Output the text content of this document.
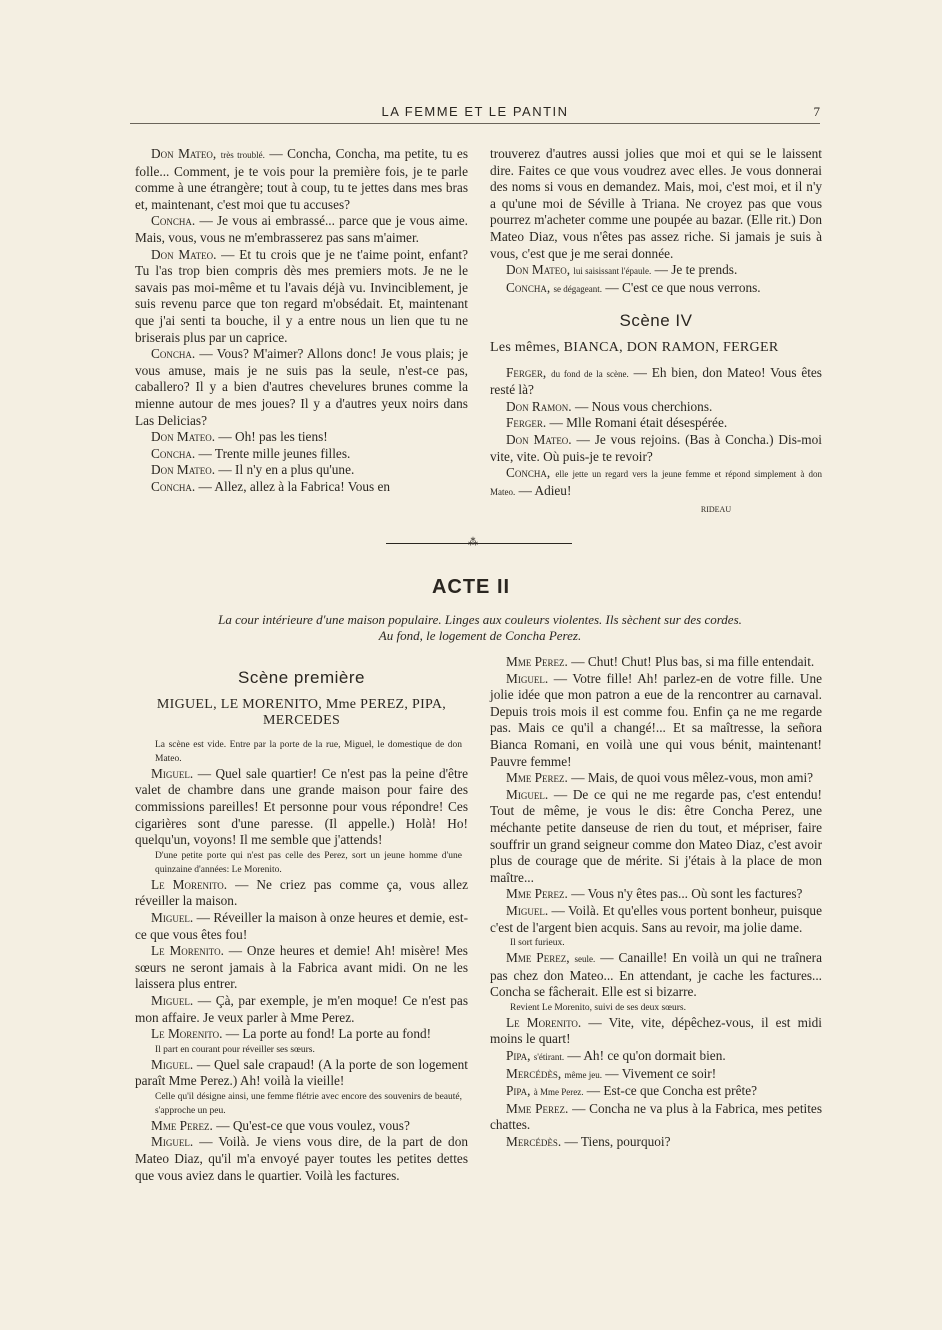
LA FEMME ET LE PANTIN	7

Don Mateo, très troublé. — Concha, Concha, ma petite, tu es folle... Comment, je te vois pour la première fois, je te parle comme à une étrangère; tout à coup, tu te jettes dans mes bras et, maintenant, c'est moi que tu accuses?

Concha. — Je vous ai embrassé... parce que je vous aime. Mais, vous, vous ne m'embrasserez pas sans m'aimer.

Don Mateo. — Et tu crois que je ne t'aime point, enfant? Tu l'as trop bien compris dès mes premiers mots. Je ne le savais pas moi-même et tu l'avais déjà vu. Invinciblement, je suis revenu parce que ton regard m'obsédait. Et, maintenant que j'ai senti ta bouche, il y a entre nous un lien que tu ne briserais plus par un caprice.

Concha. — Vous? M'aimer? Allons donc! Je vous plais; je vous amuse, mais je ne suis pas la seule, n'est-ce pas, caballero? Il y a bien d'autres chevelures brunes comme la mienne autour de mes joues? Il y a d'autres yeux noirs dans Las Delicias?

Don Mateo. — Oh! pas les tiens!

Concha. — Trente mille jeunes filles.

Don Mateo. — Il n'y en a plus qu'une.

Concha. — Allez, allez à la Fabrica! Vous en

trouverez d'autres aussi jolies que moi et qui se le laissent dire. Faites ce que vous voudrez avec elles. Je vous donnerai des noms si vous en demandez. Mais, moi, c'est moi, et il n'y a qu'une moi de Séville à Triana. Ne croyez pas que vous pourrez m'acheter comme une poupée au bazar. (Elle rit.) Don Mateo Diaz, vous n'êtes pas assez riche. Si jamais je suis à vous, c'est que je me serai donnée.

Don Mateo, lui saisissant l'épaule. — Je te prends.

Concha, se dégageant. — C'est ce que nous verrons.

Scène IV

Les mêmes, BIANCA, DON RAMON, FERGER

Ferger, du fond de la scène. — Eh bien, don Mateo! Vous êtes resté là?

Don Ramon. — Nous vous cherchions.

Ferger. — Mlle Romani était désespérée.

Don Mateo. — Je vous rejoins. (Bas à Concha.) Dis-moi vite, vite. Où puis-je te revoir?

Concha, elle jette un regard vers la jeune femme et répond simplement à don Mateo. — Adieu!

RIDEAU

⁂
ACTE II
La cour intérieure d'une maison populaire. Linges aux couleurs violentes. Ils sèchent sur des cordes.
Au fond, le logement de Concha Perez.

Scène première

MIGUEL, LE MORENITO, Mme PEREZ, PIPA, MERCEDES

La scène est vide. Entre par la porte de la rue, Miguel, le domestique de don Mateo.

Miguel. — Quel sale quartier! Ce n'est pas la peine d'être valet de chambre dans une grande maison pour faire des commissions pareilles! Et personne pour vous répondre! Ces cigarières sont d'une paresse. (Il appelle.) Holà! Ho! quelqu'un, voyons! Il me semble que j'attends!

D'une petite porte qui n'est pas celle des Perez, sort un jeune homme d'une quinzaine d'années: Le Morenito.

Le Morenito. — Ne criez pas comme ça, vous allez réveiller la maison.

Miguel. — Réveiller la maison à onze heures et demie, est-ce que vous êtes fou!

Le Morenito. — Onze heures et demie! Ah! misère! Mes sœurs ne seront jamais à la Fabrica avant midi. On ne les laissera plus entrer.

Miguel. — Çà, par exemple, je m'en moque! Ce n'est pas mon affaire. Je veux parler à Mme Perez.

Le Morenito. — La porte au fond! La porte au fond!

Il part en courant pour réveiller ses sœurs.

Miguel. — Quel sale crapaud! (A la porte de son logement paraît Mme Perez.) Ah! voilà la vieille!

Celle qu'il désigne ainsi, une femme flétrie avec encore des souvenirs de beauté, s'approche un peu.

Mme Perez. — Qu'est-ce que vous voulez, vous?

Miguel. — Voilà. Je viens vous dire, de la part de don Mateo Diaz, qu'il m'a envoyé payer toutes les petites dettes que vous aviez dans le quartier. Voilà les factures.

Mme Perez. — Chut! Chut! Plus bas, si ma fille entendait.

Miguel. — Votre fille! Ah! parlez-en de votre fille. Une jolie idée que mon patron a eue de la rencontrer au carnaval. Depuis trois mois il est comme fou. Enfin ça ne me regarde pas. Mais ce qu'il a changé!... Et sa maîtresse, la señora Bianca Romani, en voilà une qui vous bénit, maintenant! Pauvre femme!

Mme Perez. — Mais, de quoi vous mêlez-vous, mon ami?

Miguel. — De ce qui ne me regarde pas, c'est entendu! Tout de même, je vous le dis: être Concha Perez, une méchante petite danseuse de rien du tout, et mépriser, faire souffrir un grand seigneur comme don Mateo Diaz, c'est avoir plus de courage que de mérite. Si j'étais à la place de mon maître...

Mme Perez. — Vous n'y êtes pas... Où sont les factures?

Miguel. — Voilà. Et qu'elles vous portent bonheur, puisque c'est de l'argent bien acquis. Sans au revoir, ma jolie dame.

Il sort furieux.

Mme Perez, seule. — Canaille! En voilà un qui ne traînera pas chez don Mateo... En attendant, je cache les factures... Concha se fâcherait. Elle est si bizarre.

Revient Le Morenito, suivi de ses deux sœurs.

Le Morenito. — Vite, vite, dépêchez-vous, il est midi moins le quart!

Pipa, s'étirant. — Ah! ce qu'on dormait bien.

Mercédès, même jeu. — Vivement ce soir!

Pipa, à Mme Perez. — Est-ce que Concha est prête?

Mme Perez. — Concha ne va plus à la Fabrica, mes petites chattes.

Mercédès. — Tiens, pourquoi?
